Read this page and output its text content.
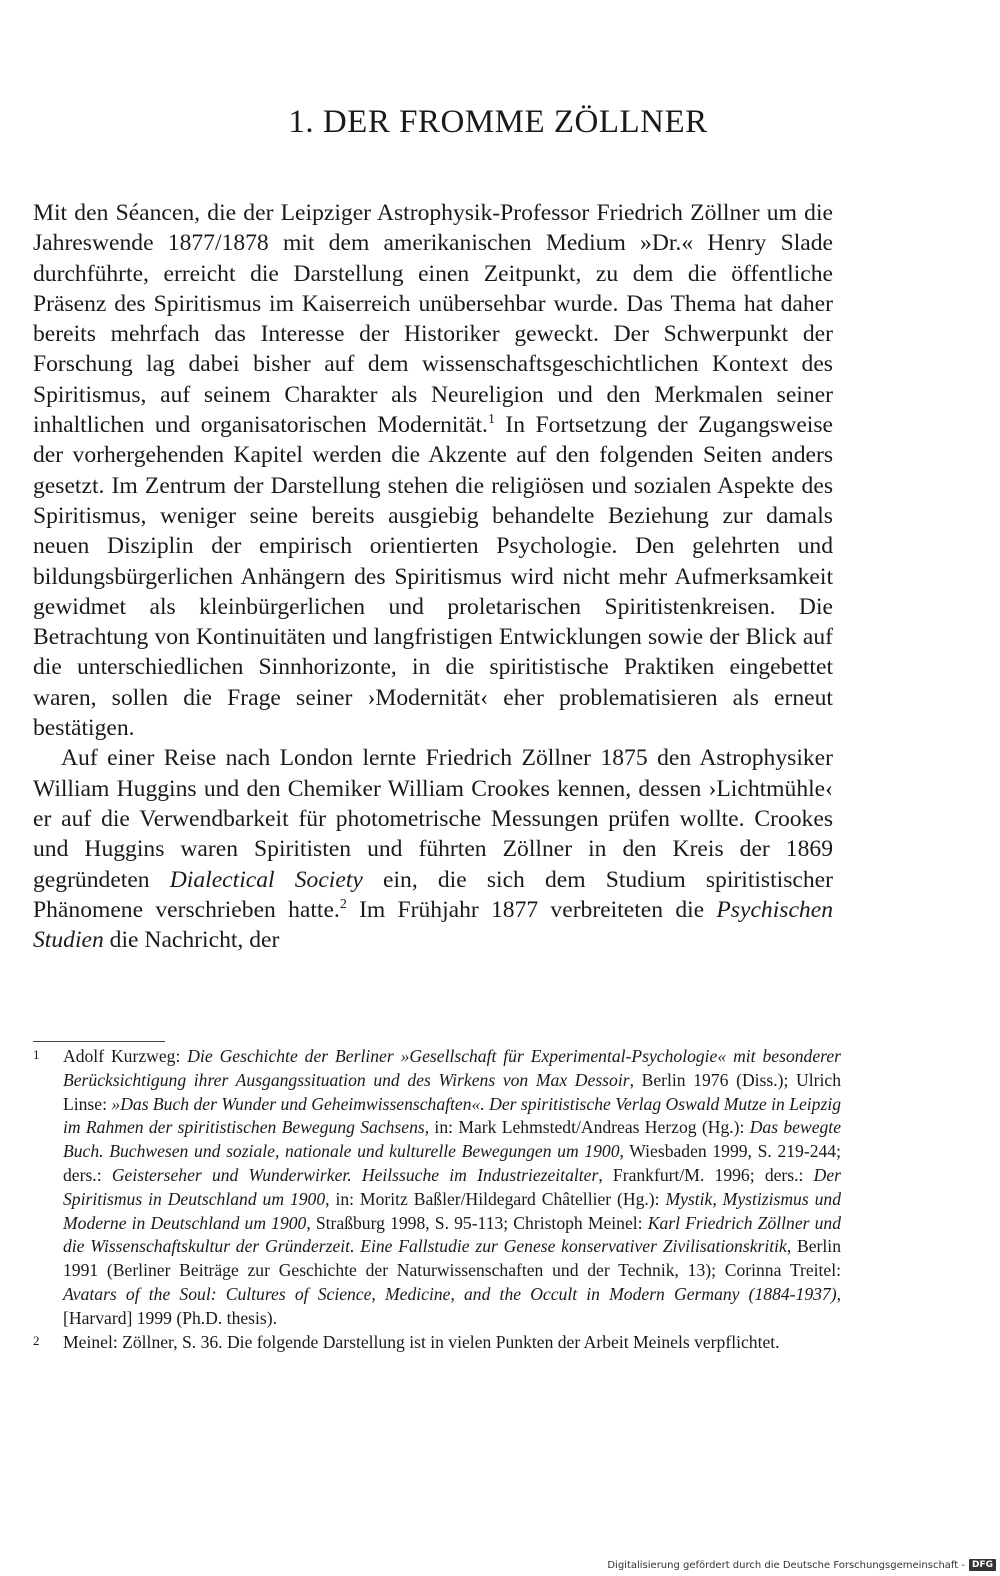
1. DER FROMME ZÖLLNER

Mit den Séancen, die der Leipziger Astrophysik-Professor Friedrich Zöllner um die Jahreswende 1877/1878 mit dem amerikanischen Medium »Dr.« Henry Slade durchführte, erreicht die Darstellung einen Zeitpunkt, zu dem die öffentliche Präsenz des Spiritismus im Kaiserreich unübersehbar wurde. Das Thema hat daher bereits mehrfach das Interesse der Historiker geweckt. Der Schwerpunkt der Forschung lag dabei bisher auf dem wissenschaftsgeschichtlichen Kontext des Spiritismus, auf seinem Charakter als Neureligion und den Merkmalen seiner inhaltlichen und organisatorischen Modernität.$^1$ In Fortsetzung der Zugangsweise der vorhergehenden Kapitel werden die Akzente auf den folgenden Seiten anders gesetzt. Im Zentrum der Darstellung stehen die religiösen und sozialen Aspekte des Spiritismus, weniger seine bereits ausgiebig behandelte Beziehung zur damals neuen Disziplin der empirisch orientierten Psychologie. Den gelehrten und bildungsbürgerlichen Anhängern des Spiritismus wird nicht mehr Aufmerksamkeit gewidmet als kleinbürgerlichen und proletarischen Spiritistenkreisen. Die Betrachtung von Kontinuitäten und langfristigen Entwicklungen sowie der Blick auf die unterschiedlichen Sinnhorizonte, in die spiritistische Praktiken eingebettet waren, sollen die Frage seiner ›Modernität‹ eher problematisieren als erneut bestätigen.

Auf einer Reise nach London lernte Friedrich Zöllner 1875 den Astrophysiker William Huggins und den Chemiker William Crookes kennen, dessen ›Lichtmühle‹ er auf die Verwendbarkeit für photometrische Messungen prüfen wollte. Crookes und Huggins waren Spiritisten und führten Zöllner in den Kreis der 1869 gegründeten Dialectical Society ein, die sich dem Studium spiritistischer Phänomene verschrieben hatte.$^2$ Im Frühjahr 1877 verbreiteten die Psychischen Studien die Nachricht, der

1 Adolf Kurzweg: Die Geschichte der Berliner »Gesellschaft für Experimental-Psychologie« mit besonderer Berücksichtigung ihrer Ausgangssituation und des Wirkens von Max Dessoir, Berlin 1976 (Diss.); Ulrich Linse: »Das Buch der Wunder und Geheimwissenschaften«. Der spiritistische Verlag Oswald Mutze in Leipzig im Rahmen der spiritistischen Bewegung Sachsens, in: Mark Lehmstedt/Andreas Herzog (Hg.): Das bewegte Buch. Buchwesen und soziale, nationale und kulturelle Bewegungen um 1900, Wiesbaden 1999, S. 219-244; ders.: Geisterseher und Wunderwirker. Heilssuche im Industriezeitalter, Frankfurt/M. 1996; ders.: Der Spiritismus in Deutschland um 1900, in: Moritz Baßler/Hildegard Châtellier (Hg.): Mystik, Mystizismus und Moderne in Deutschland um 1900, Straßburg 1998, S. 95-113; Christoph Meinel: Karl Friedrich Zöllner und die Wissenschaftskultur der Gründerzeit. Eine Fallstudie zur Genese konservativer Zivilisationskritik, Berlin 1991 (Berliner Beiträge zur Geschichte der Naturwissenschaften und der Technik, 13); Corinna Treitel: Avatars of the Soul: Cultures of Science, Medicine, and the Occult in Modern Germany (1884-1937), [Harvard] 1999 (Ph.D. thesis).

2 Meinel: Zöllner, S. 36. Die folgende Darstellung ist in vielen Punkten der Arbeit Meinels verpflichtet.

Digitalisierung gefördert durch die Deutsche Forschungsgemeinschaft - DFG
